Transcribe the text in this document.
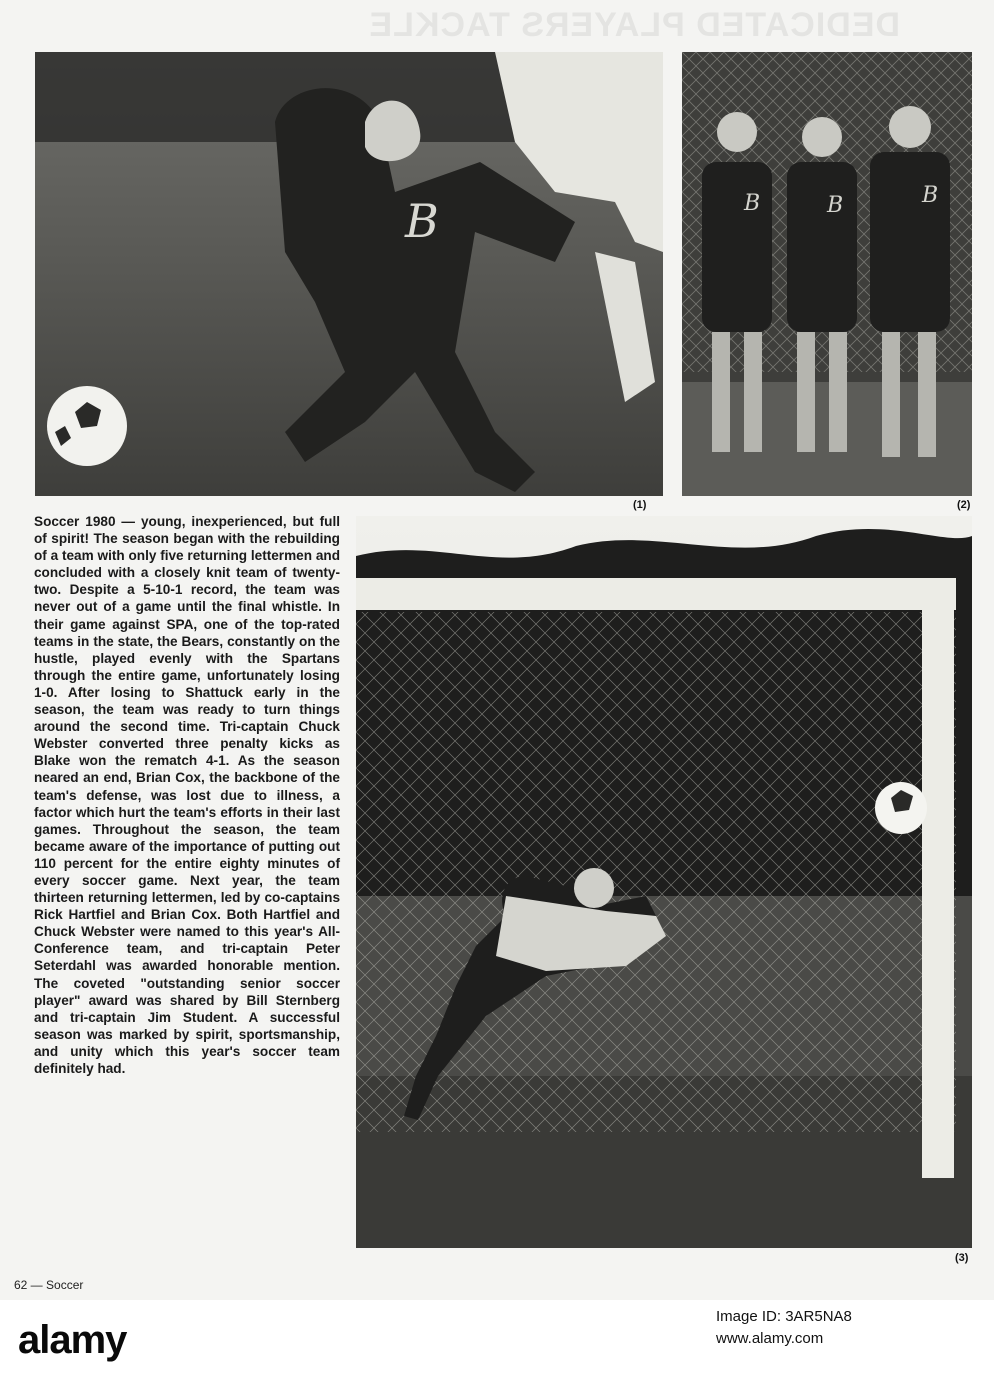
DEDICATED PLAYERS TACKLE
B	B	B	B
(1)	(2)
(3)
Soccer 1980 — young, inexperienced, but full of spirit! The season began with the rebuilding of a team with only five returning lettermen and concluded with a closely knit team of twenty-two. Despite a 5-10-1 record, the team was never out of a game until the final whistle. In their game against SPA, one of the top-rated teams in the state, the Bears, constantly on the hustle, played evenly with the Spartans through the entire game, unfortunately losing 1-0. After losing to Shattuck early in the season, the team was ready to turn things around the second time. Tri-captain Chuck Webster converted three penalty kicks as Blake won the rematch 4-1. As the season neared an end, Brian Cox, the backbone of the team's defense, was lost due to illness, a factor which hurt the team's efforts in their last games. Throughout the season, the team became aware of the importance of putting out 110 percent for the entire eighty minutes of every soccer game. Next year, the team thirteen returning lettermen, led by co-captains Rick Hartfiel and Brian Cox. Both Hartfiel and Chuck Webster were named to this year's All-Conference team, and tri-captain Peter Seterdahl was awarded honorable mention. The coveted "outstanding senior soccer player" award was shared by Bill Sternberg and tri-captain Jim Student. A successful season was marked by spirit, sportsmanship, and unity which this year's soccer team definitely had.
62 — Soccer
alamy
Image ID: 3AR5NA8
www.alamy.com
